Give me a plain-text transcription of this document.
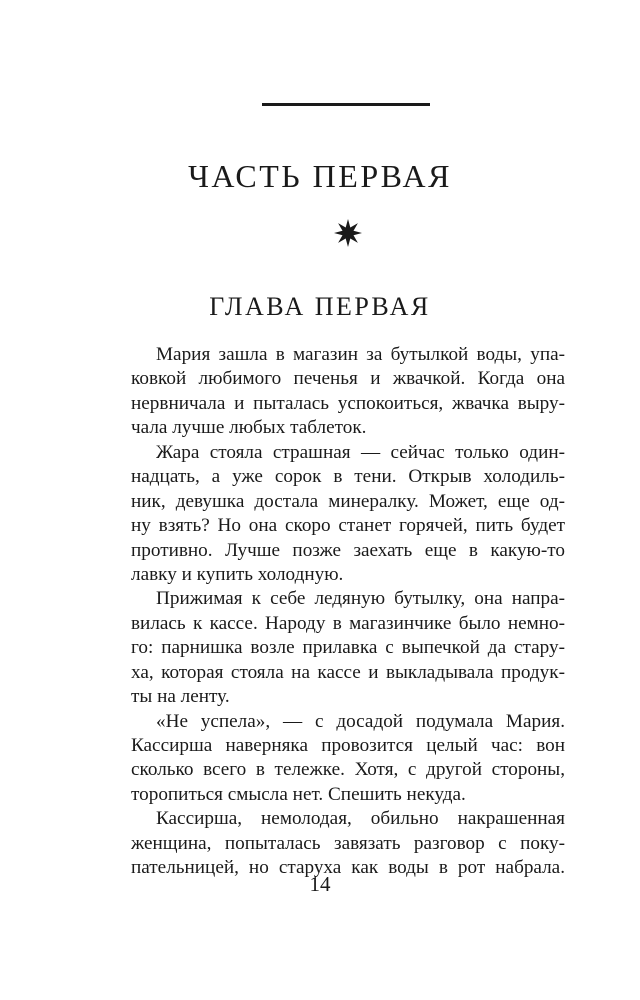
ЧАСТЬ ПЕРВАЯ
ГЛАВА ПЕРВАЯ
Мария зашла в магазин за бутылкой воды, упа-
ковкой любимого печенья и жвачкой. Когда она
нервничала и пыталась успокоиться, жвачка выру-
чала лучше любых таблеток.
Жара стояла страшная — сейчас только один-
надцать, а уже сорок в тени. Открыв холодиль-
ник, девушка достала минералку. Может, еще од-
ну взять? Но она скоро станет горячей, пить будет
противно. Лучше позже заехать еще в какую-то
лавку и купить холодную.
Прижимая к себе ледяную бутылку, она напра-
вилась к кассе. Народу в магазинчике было немно-
го: парнишка возле прилавка с выпечкой да стару-
ха, которая стояла на кассе и выкладывала продук-
ты на ленту.
«Не успела», — с досадой подумала Мария.
Кассирша наверняка провозится целый час: вон
сколько всего в тележке. Хотя, с другой стороны,
торопиться смысла нет. Спешить некуда.
Кассирша, немолодая, обильно накрашенная
женщина, попыталась завязать разговор с поку-
пательницей, но старуха как воды в рот набрала.
14
